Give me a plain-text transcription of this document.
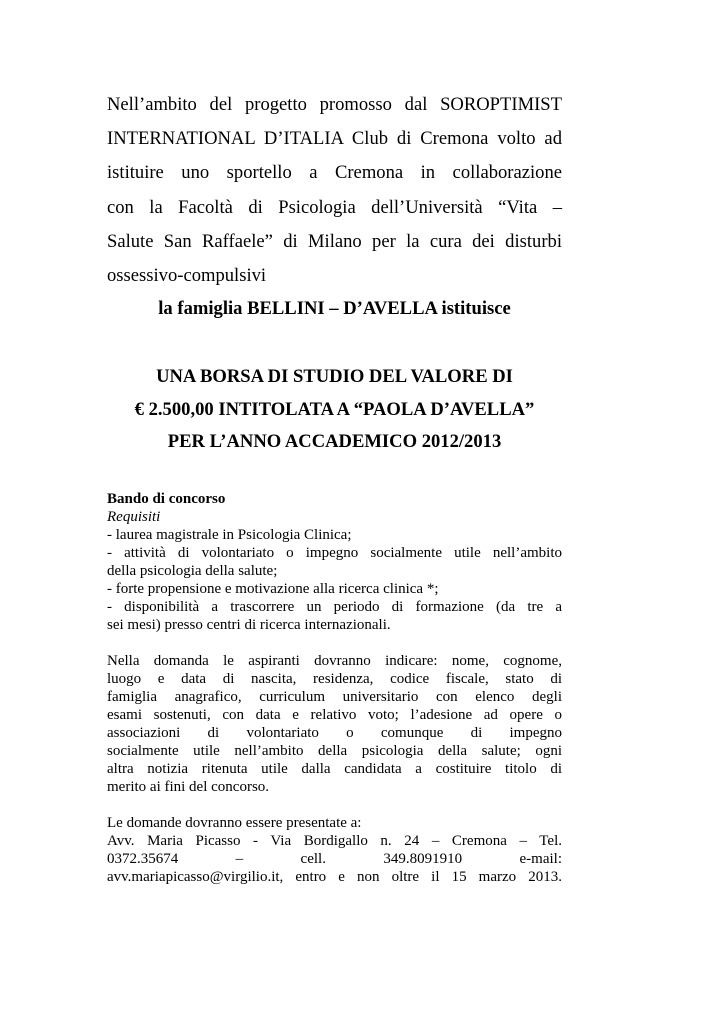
Nell’ambito del progetto promosso dal SOROPTIMIST
INTERNATIONAL D’ITALIA Club di Cremona volto ad
istituire uno sportello a Cremona in collaborazione
con la Facoltà di Psicologia dell’Università “Vita –
Salute San Raffaele” di Milano per la cura dei disturbi
ossessivo-compulsivi
la famiglia BELLINI – D’AVELLA istituisce
UNA BORSA DI STUDIO DEL VALORE DI
€ 2.500,00 INTITOLATA A “PAOLA D’AVELLA”
PER L’ANNO ACCADEMICO 2012/2013
Bando di concorso
Requisiti
- laurea magistrale in Psicologia Clinica;
- attività di volontariato o impegno socialmente utile nell’ambito
della psicologia della salute;
- forte propensione e motivazione alla ricerca clinica *;
- disponibilità a trascorrere un periodo di formazione (da tre a
sei mesi) presso centri di ricerca internazionali.
Nella domanda le aspiranti dovranno indicare: nome, cognome,
luogo e data di nascita, residenza, codice fiscale, stato di
famiglia anagrafico, curriculum universitario con elenco degli
esami sostenuti, con data e relativo voto; l’adesione ad opere o
associazioni di volontariato o comunque di impegno
socialmente utile nell’ambito della psicologia della salute; ogni
altra notizia ritenuta utile dalla candidata a costituire titolo di
merito ai fini del concorso.
Le domande dovranno essere presentate a:
Avv. Maria Picasso - Via Bordigallo n. 24 – Cremona – Tel.
0372.35674 – cell. 349.8091910 e-mail:
avv.mariapicasso@virgilio.it, entro e non oltre il 15 marzo 2013.
